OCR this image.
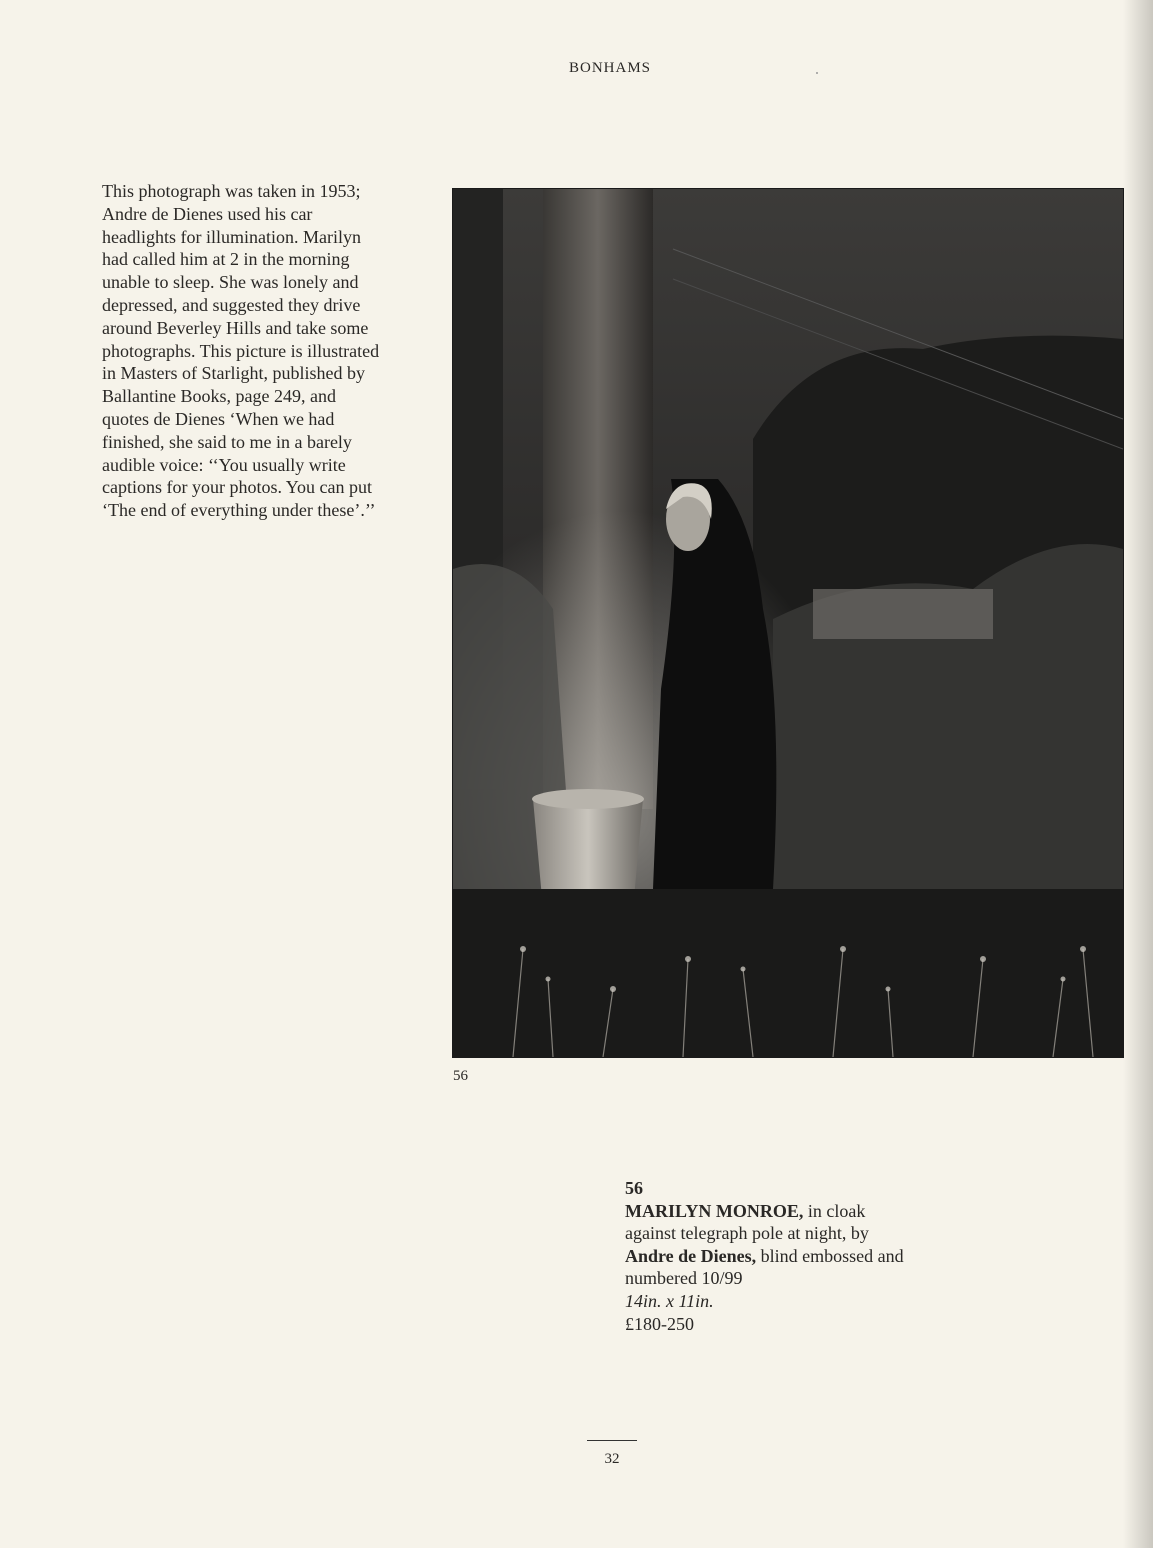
BONHAMS
This photograph was taken in 1953;
Andre de Dienes used his car
headlights for illumination. Marilyn
had called him at 2 in the morning
unable to sleep. She was lonely and
depressed, and suggested they drive
around Beverley Hills and take some
photographs. This picture is illustrated
in Masters of Starlight, published by
Ballantine Books, page 249, and
quotes de Dienes ‘When we had
finished, she said to me in a barely
audible voice: ‘‘You usually write
captions for your photos. You can put
‘The end of everything under these’.’’
56
56
MARILYN MONROE, in cloak
against telegraph pole at night, by
Andre de Dienes, blind embossed and
numbered 10/99
14in. x 11in.
£180-250
32
